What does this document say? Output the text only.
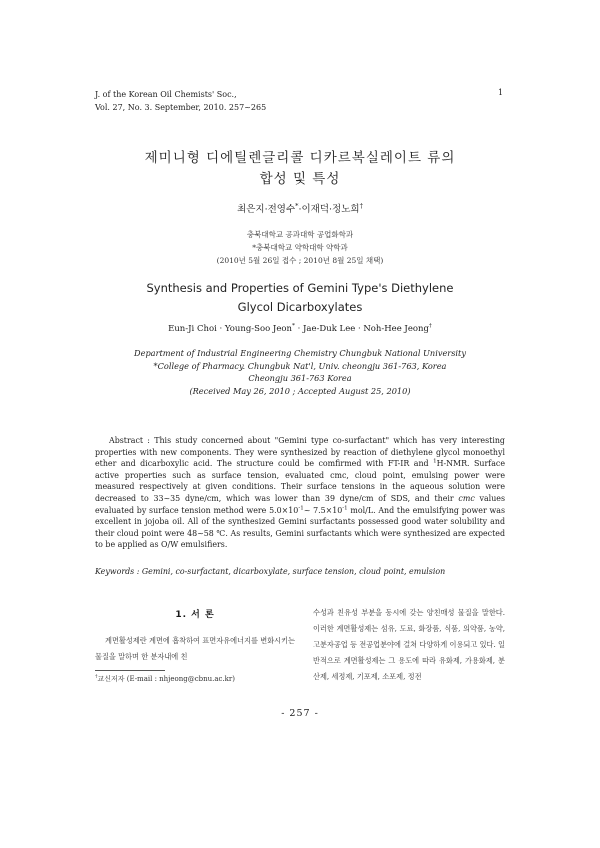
J. of the Korean Oil Chemists' Soc.,
Vol. 27, No. 3. September, 2010. 257~265
1
제미니형 디에틸렌글리콜 디카르복실레이트 류의
합성 및 특성
최은지·전영수*·이재덕·정노희†
충북대학교 공과대학 공업화학과
*충북대학교 약학대학 약학과
(2010년 5월 26일 접수 ; 2010년 8월 25일 채택)
Synthesis and Properties of Gemini Type's Diethylene
Glycol Dicarboxylates
Eun-Ji Choi · Young-Soo Jeon* · Jae-Duk Lee · Noh-Hee Jeong†
Department of Industrial Engineering Chemistry Chungbuk National University
*College of Pharmacy. Chungbuk Nat'l, Univ. cheongju 361-763, Korea
Cheongju 361-763 Korea
(Received May 26, 2010 ; Accepted August 25, 2010)
Abstract : This study concerned about "Gemini type co-surfactant" which has very interesting properties with new components. They were synthesized by reaction of diethylene glycol monoethyl ether and dicarboxylic acid. The structure could be comfirmed with FT-IR and $^1$H-NMR. Surface active properties such as surface tension, evaluated cmc, cloud point, emulsing power were measured respectively at given conditions. Their surface tensions in the aqueous solution were decreased to 33~35 dyne/cm, which was lower than 39 dyne/cm of SDS, and their cmc values evaluated by surface tension method were $5.0\times 10^{-1}\sim$ $7.5\times 10^{-1}$ mol/L. And the emulsifying power was excellent in jojoba oil. All of the synthesized Gemini surfactants possessed good water solubility and their cloud point were 48~58 ℃. As results, Gemini surfactants which were synthesized are expected to be applied as O/W emulsifiers.
Keywords : Gemini, co-surfactant, dicarboxylate, surface tension, cloud point, emulsion
1. 서 론
계면활성제란 계면에 흡착하여 표면자유에너지를 변화시키는 물질을 말하며 한 분자내에 친
수성과 친유성 부분을 동시에 갖는 양친매성 물질을 말한다. 이러한 계면활성제는 섬유, 도료, 화장품, 식품, 의약품, 농약, 고분자공업 등 전공업분야에 걸쳐 다양하게 이용되고 있다. 일반적으로 계면활성제는 그 용도에 따라 유화제, 가용화제, 분산제, 세정제, 기포제, 소포제, 정전
†교신저자 (E-mail : nhjeong@cbnu.ac.kr)
- 257 -
